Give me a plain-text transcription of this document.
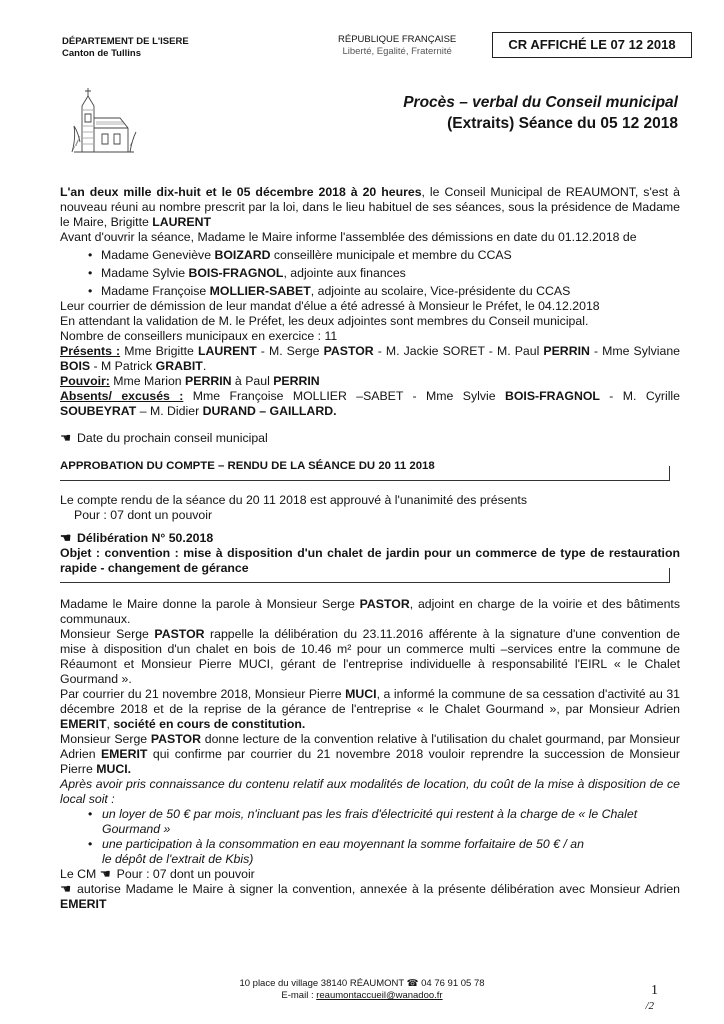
DÉPARTEMENT DE L'ISERE
Canton de Tullins
RÉPUBLIQUE FRANÇAISE
Liberté, Egalité, Fraternité	CR AFFICHÉ LE 07 12 2018
Procès – verbal du Conseil municipal
(Extraits) Séance du 05 12 2018

L'an deux mille dix-huit et le 05 décembre 2018 à 20 heures, le Conseil Municipal de REAUMONT, s'est à nouveau réuni au nombre prescrit par la loi, dans le lieu habituel de ses séances, sous la présidence de Madame le Maire, Brigitte LAURENT

Avant d'ouvrir la séance, Madame le Maire informe l'assemblée des démissions en date du 01.12.2018 de

• Madame Geneviève BOIZARD conseillère municipale et membre du CCAS
• Madame Sylvie BOIS-FRAGNOL, adjointe aux finances
• Madame Françoise MOLLIER-SABET, adjointe au scolaire, Vice-présidente du CCAS

Leur courrier de démission de leur mandat d'élue a été adressé à Monsieur le Préfet, le 04.12.2018

En attendant la validation de M. le Préfet, les deux adjointes sont membres du Conseil municipal.

Nombre de conseillers municipaux en exercice : 11

Présents : Mme Brigitte LAURENT - M. Serge PASTOR - M. Jackie SORET - M. Paul PERRIN - Mme Sylviane BOIS - M Patrick GRABIT.

Pouvoir: Mme Marion PERRIN à Paul PERRIN

Absents/ excusés : Mme Françoise MOLLIER –SABET - Mme Sylvie BOIS-FRAGNOL - M. Cyrille SOUBEYRAT – M. Didier DURAND – GAILLARD.

☚ Date du prochain conseil municipal

APPROBATION DU COMPTE – RENDU DE LA SÉANCE DU 20 11 2018

Le compte rendu de la séance du 20 11 2018 est approuvé à l'unanimité des présents

Pour : 07 dont un pouvoir

☚ Délibération N° 50.2018

Objet : convention : mise à disposition d'un chalet de jardin pour un commerce de type de restauration rapide - changement de gérance

Madame le Maire donne la parole à Monsieur Serge PASTOR, adjoint en charge de la voirie et des bâtiments communaux.

Monsieur Serge PASTOR rappelle la délibération du 23.11.2016 afférente à la signature d'une convention de mise à disposition d'un chalet en bois de 10.46 m² pour un commerce multi –services entre la commune de Réaumont et Monsieur Pierre MUCI, gérant de l'entreprise individuelle à responsabilité l'EIRL « le Chalet Gourmand ».

Par courrier du 21 novembre 2018, Monsieur Pierre MUCI, a informé la commune de sa cessation d'activité au 31 décembre 2018 et de la reprise de la gérance de l'entreprise « le Chalet Gourmand », par Monsieur Adrien EMERIT, société en cours de constitution.

Monsieur Serge PASTOR donne lecture de la convention relative à l'utilisation du chalet gourmand, par Monsieur Adrien EMERIT qui confirme par courrier du 21 novembre 2018 vouloir reprendre la succession de Monsieur Pierre MUCI.

Après avoir pris connaissance du contenu relatif aux modalités de location, du coût de la mise à disposition de ce local soit :

• un loyer de 50 € par mois, n'incluant pas les frais d'électricité qui restent à la charge de « le Chalet Gourmand »
• une participation à la consommation en eau moyennant la somme forfaitaire de 50 € / an
le dépôt de l'extrait de Kbis)

Le CM ☚ Pour : 07 dont un pouvoir

☚ autorise Madame le Maire à signer la convention, annexée à la présente délibération avec Monsieur Adrien EMERIT

10 place du village 38140 RÉAUMONT ☎ 04 76 91 05 78
E-mail : reaumontaccueil@wanadoo.fr	1
/2
